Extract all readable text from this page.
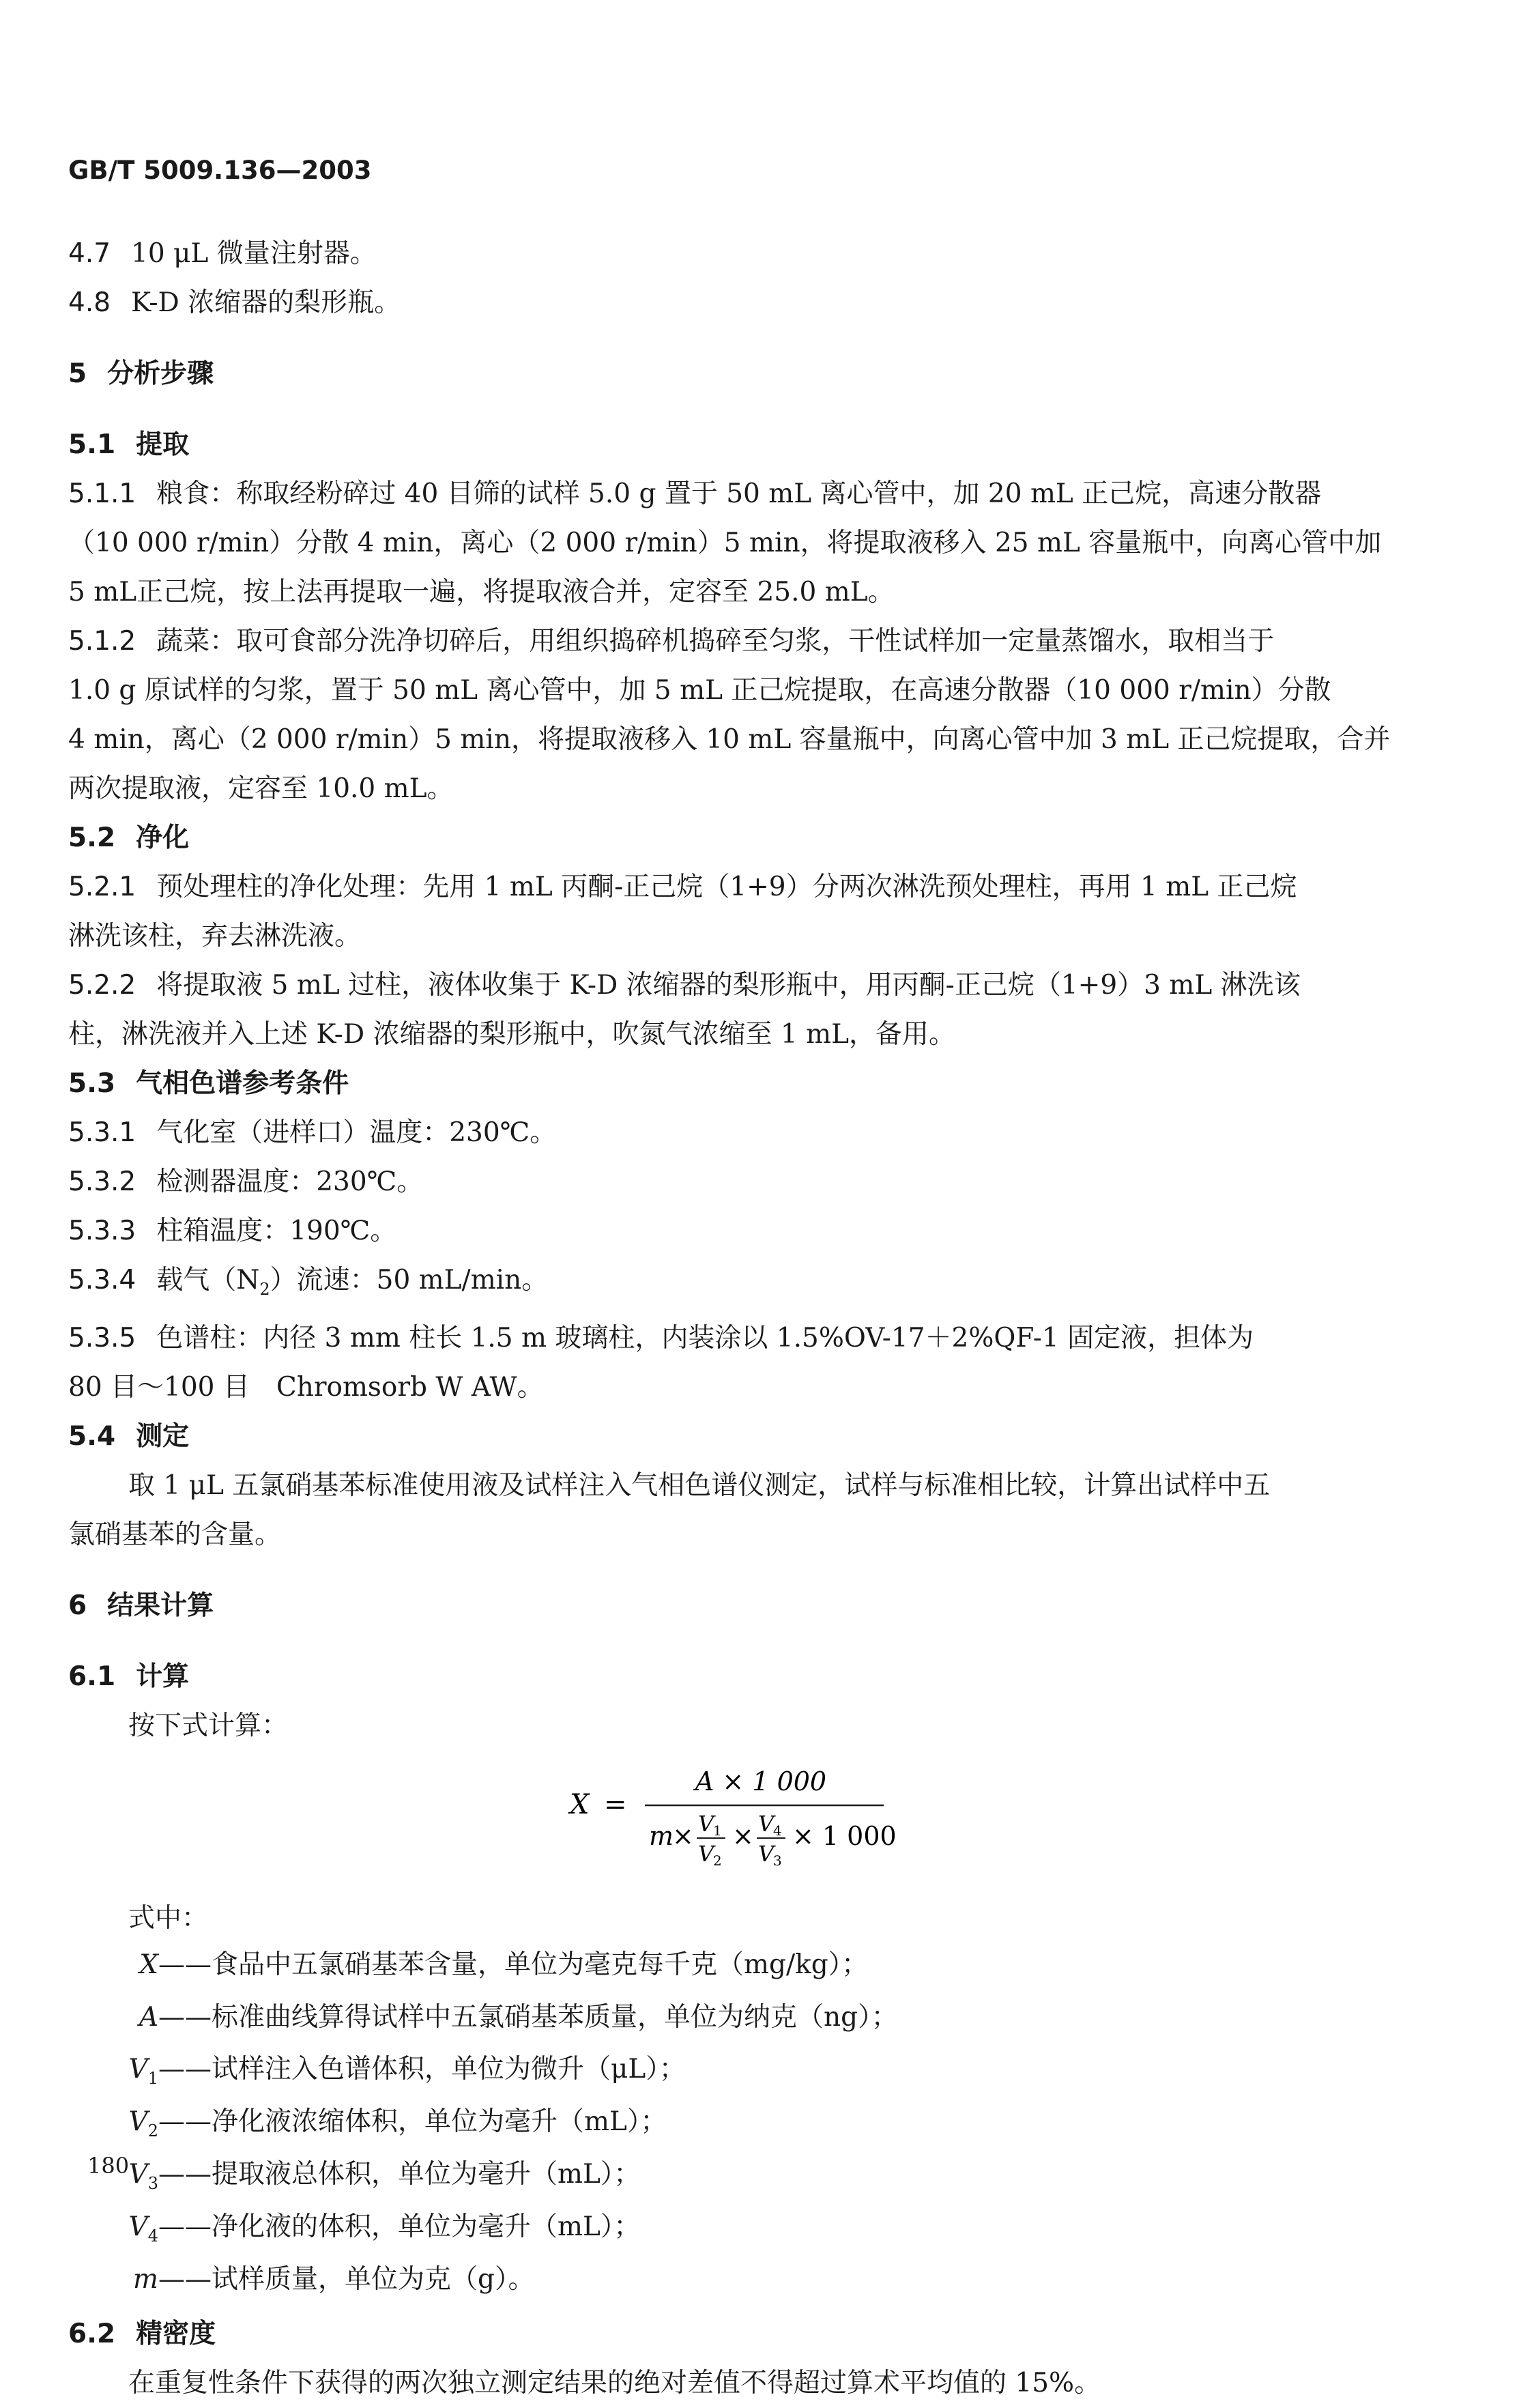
GB/T 5009.136—2003
4.7 10 μL 微量注射器。
4.8 K-D 浓缩器的梨形瓶。
5 分析步骤
5.1 提取
5.1.1 粮食：称取经粉碎过 40 目筛的试样 5.0 g 置于 50 mL 离心管中，加 20 mL 正己烷，高速分散器
（10 000 r/min）分散 4 min，离心（2 000 r/min）5 min，将提取液移入 25 mL 容量瓶中，向离心管中加
5 mL正己烷，按上法再提取一遍，将提取液合并，定容至 25.0 mL。
5.1.2 蔬菜：取可食部分洗净切碎后，用组织捣碎机捣碎至匀浆，干性试样加一定量蒸馏水，取相当于
1.0 g 原试样的匀浆，置于 50 mL 离心管中，加 5 mL 正己烷提取，在高速分散器（10 000 r/min）分散
4 min，离心（2 000 r/min）5 min，将提取液移入 10 mL 容量瓶中，向离心管中加 3 mL 正己烷提取，合并
两次提取液，定容至 10.0 mL。
5.2 净化
5.2.1 预处理柱的净化处理：先用 1 mL 丙酮-正己烷（1+9）分两次淋洗预处理柱，再用 1 mL 正己烷
淋洗该柱，弃去淋洗液。
5.2.2 将提取液 5 mL 过柱，液体收集于 K-D 浓缩器的梨形瓶中，用丙酮-正己烷（1+9）3 mL 淋洗该
柱，淋洗液并入上述 K-D 浓缩器的梨形瓶中，吹氮气浓缩至 1 mL，备用。
5.3 气相色谱参考条件
5.3.1 气化室（进样口）温度：230℃。
5.3.2 检测器温度：230℃。
5.3.3 柱箱温度：190℃。
5.3.4 载气$(N_2)$流速：50 mL/min。
5.3.5 色谱柱：内径 3 mm 柱长 1.5 m 玻璃柱，内装涂以 1.5%OV-17＋2%QF-1 固定液，担体为
80 目～100 目　Chromsorb W AW。
5.4 测定
取 1 μL 五氯硝基苯标准使用液及试样注入气相色谱仪测定，试样与标准相比较，计算出试样中五
氯硝基苯的含量。
6 结果计算
6.1 计算
按下式计算：
X =
A × 1 000
m
× V
1
V
2
× V
4
V
3
× 1 000
式中：
X——食品中五氯硝基苯含量，单位为毫克每千克（mg/kg）；
A——标准曲线算得试样中五氯硝基苯质量，单位为纳克（ng）；
$V_1——$试样注入色谱体积，单位为微升（μL）；
$V_2——$净化液浓缩体积，单位为毫升（mL）；
$V_3——$提取液总体积，单位为毫升（mL）；
$V_4——$净化液的体积，单位为毫升（mL）；
m——试样质量，单位为克（g）。
6.2 精密度
在重复性条件下获得的两次独立测定结果的绝对差值不得超过算术平均值的 15%。
180
